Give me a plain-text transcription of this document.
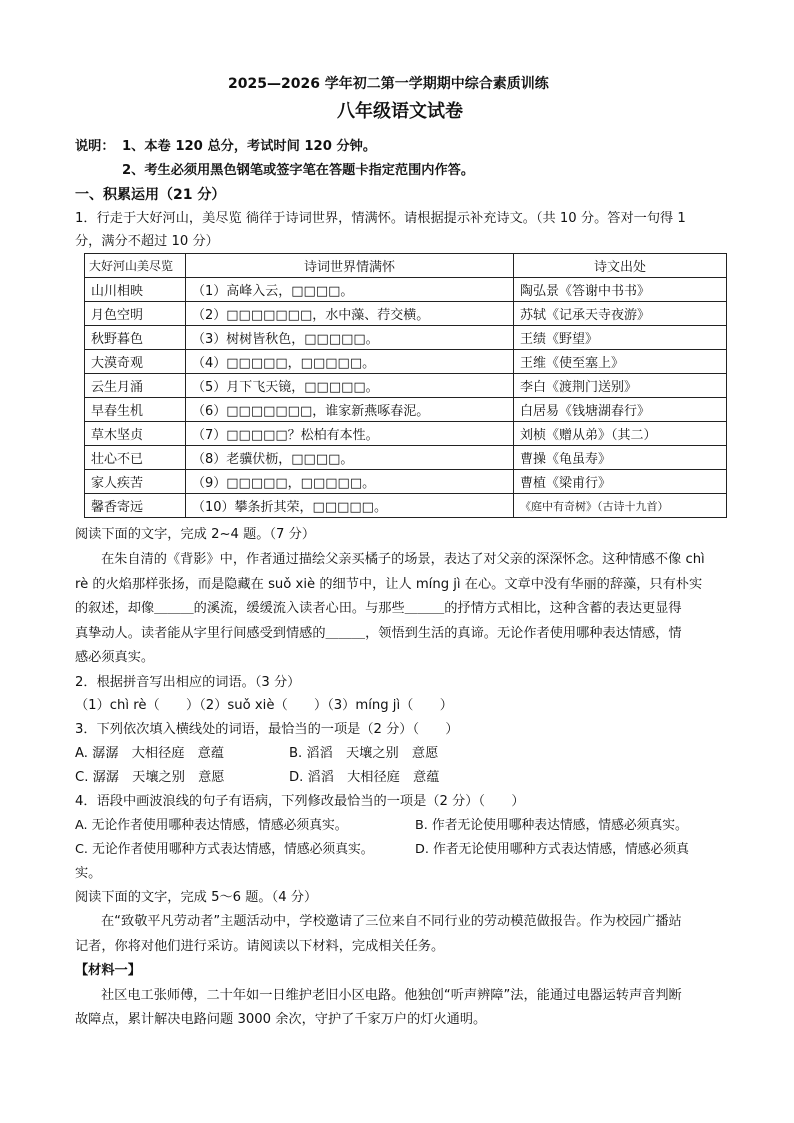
2025—2026 学年初二第一学期期中综合素质训练
八年级语文试卷
说明： 1、本卷 120 总分，考试时间 120 分钟。
2、考生必须用黑色钢笔或签字笔在答题卡指定范围内作答。
一、积累运用（21 分）
1．行走于大好河山，美尽览 徜徉于诗词世界，情满怀。请根据提示补充诗文。（共 10 分。答对一句得 1
分，满分不超过 10 分）
大好河山美尽览	诗词世界情满怀	诗文出处
山川相映	（1）高峰入云，□□□□。	陶弘景《答谢中书书》
月色空明	（2）□□□□□□□，水中藻、荇交横。	苏轼《记承天寺夜游》
秋野暮色	（3）树树皆秋色，□□□□□。	王绩《野望》
大漠奇观	（4）□□□□□，□□□□□。	王维《使至塞上》
云生月涌	（5）月下飞天镜，□□□□□。	李白《渡荆门送别》
早春生机	（6）□□□□□□□，谁家新燕啄春泥。	白居易《钱塘湖春行》
草木坚贞	（7）□□□□□？松柏有本性。	刘桢《赠从弟》（其二）
壮心不已	（8）老骥伏枥，□□□□。	曹操《龟虽寿》
家人疾苦	（9）□□□□□，□□□□□。	曹植《梁甫行》
馨香寄远	（10）攀条折其荣，□□□□□。	《庭中有奇树》（古诗十九首）
阅读下面的文字，完成 2~4 题。（7 分）
在朱自清的《背影》中，作者通过描绘父亲买橘子的场景，表达了对父亲的深深怀念。这种情感不像 chì
rè 的火焰那样张扬，而是隐藏在 suǒ xiè 的细节中，让人 míng jì 在心。文章中没有华丽的辞藻，只有朴实
的叙述，却像＿＿＿的溪流，缓缓流入读者心田。与那些＿＿＿的抒情方式相比，这种含蓄的表达更显得
真挚动人。读者能从字里行间感受到情感的＿＿＿，领悟到生活的真谛。无论作者使用哪种表达情感，情
感必须真实。
2．根据拼音写出相应的词语。（3 分）
（1）chì rè（　　）（2）suǒ xiè（　　）（3）míng jì（　　）
3．下列依次填入横线处的词语，最恰当的一项是（2 分）（　　）
A. 潺潺　大相径庭　意蕴	B. 滔滔　天壤之别　意愿
C. 潺潺　天壤之别　意愿	D. 滔滔　大相径庭　意蕴
4．语段中画波浪线的句子有语病，下列修改最恰当的一项是（2 分）（　　）
A. 无论作者使用哪种表达情感，情感必须真实。	B. 作者无论使用哪种表达情感，情感必须真实。
C. 无论作者使用哪种方式表达情感，情感必须真实。	D. 作者无论使用哪种方式表达情感，情感必须真
实。
阅读下面的文字，完成 5～6 题。（4 分）
在“致敬平凡劳动者”主题活动中，学校邀请了三位来自不同行业的劳动模范做报告。作为校园广播站
记者，你将对他们进行采访。请阅读以下材料，完成相关任务。
【材料一】
社区电工张师傅，二十年如一日维护老旧小区电路。他独创“听声辨障”法，能通过电器运转声音判断
故障点，累计解决电路问题 3000 余次，守护了千家万户的灯火通明。
